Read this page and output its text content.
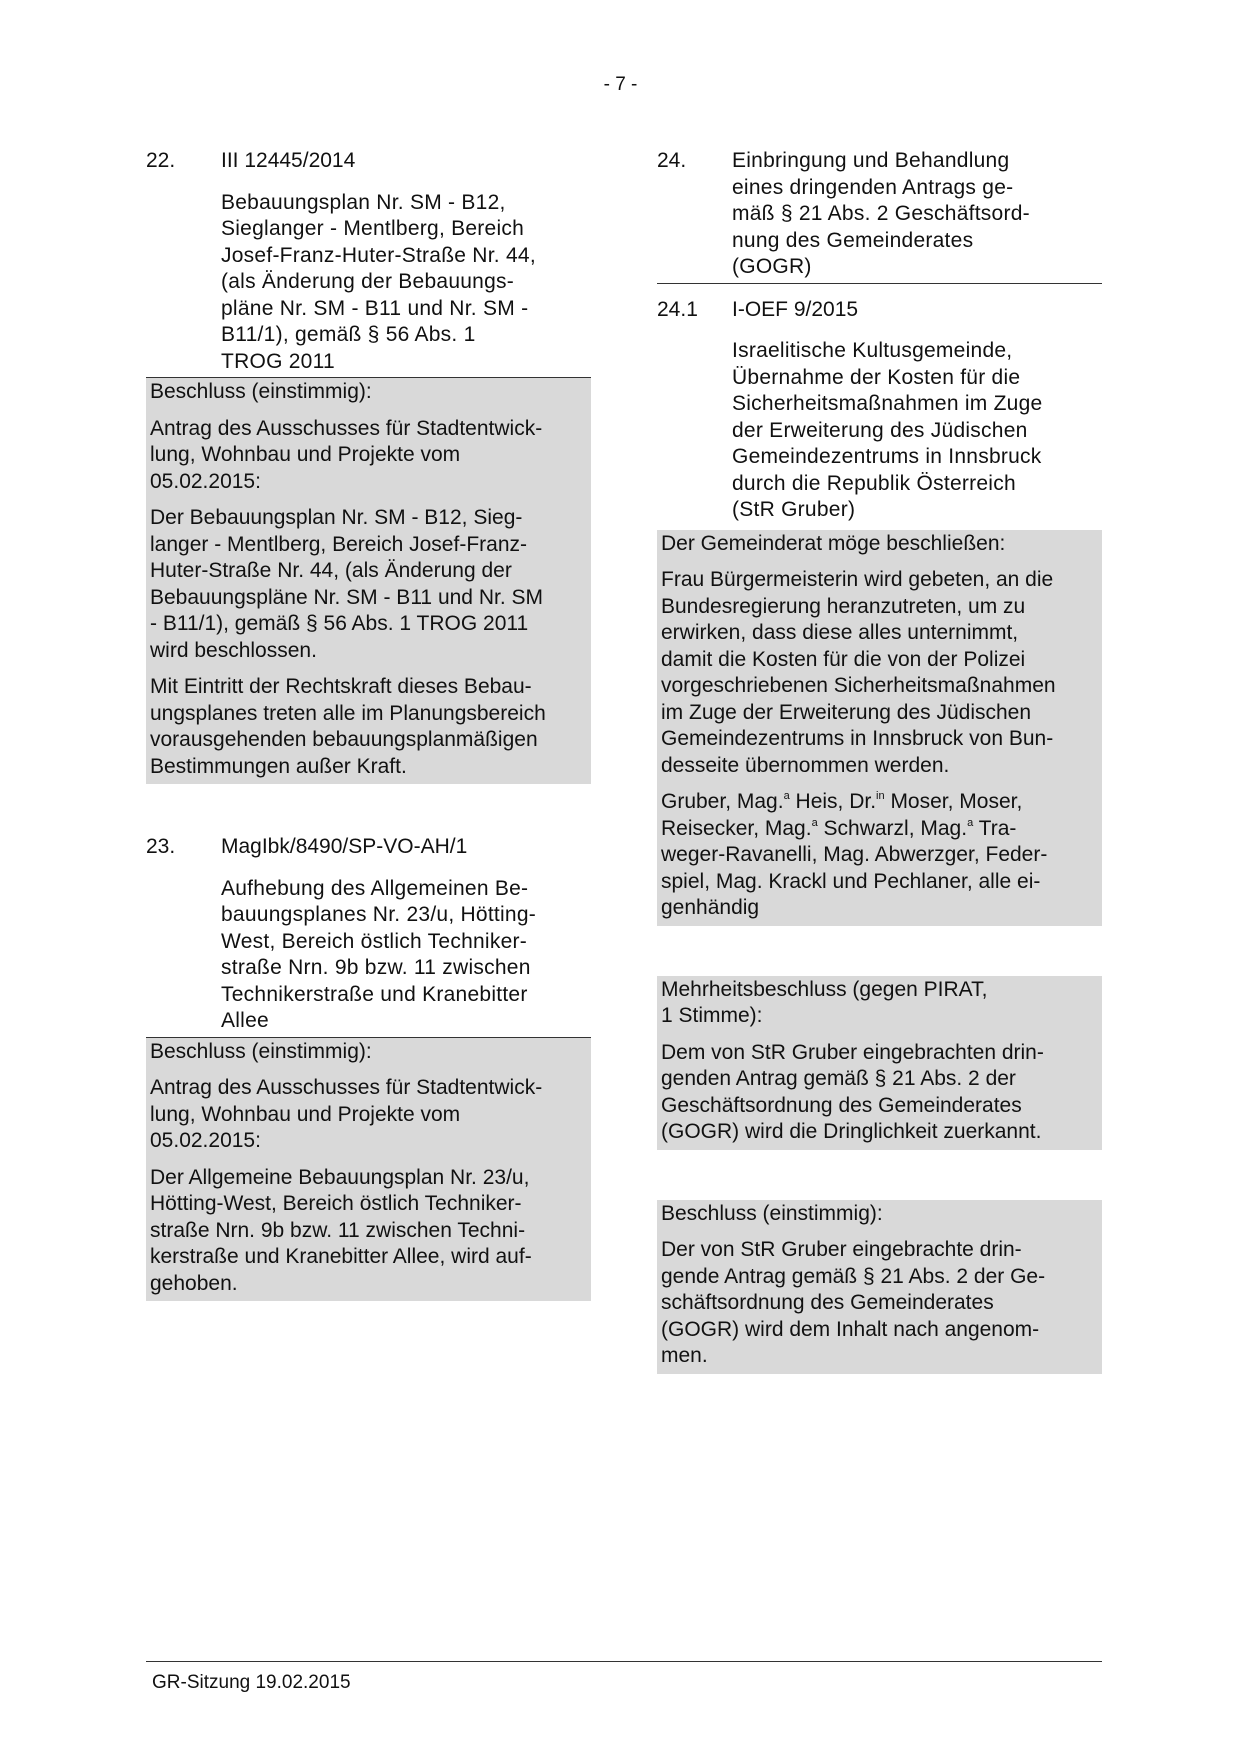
- 7 -
22.	III 12445/2014

Bebauungsplan Nr. SM - B12,

Sieglanger - Mentlberg, Bereich

Josef-Franz-Huter-Straße Nr. 44,

(als Änderung der Bebauungs-

pläne Nr. SM - B11 und Nr. SM -

B11/1), gemäß § 56 Abs. 1

TROG 2011

Beschluss (einstimmig):

Antrag des Ausschusses für Stadtentwick-
lung, Wohnbau und Projekte vom
05.02.2015:

Der Bebauungsplan Nr. SM - B12, Sieg-
langer - Mentlberg, Bereich Josef-Franz-
Huter-Straße Nr. 44, (als Änderung der
Bebauungspläne Nr. SM - B11 und Nr. SM
- B11/1), gemäß § 56 Abs. 1 TROG 2011
wird beschlossen.

Mit Eintritt der Rechtskraft dieses Bebau-
ungsplanes treten alle im Planungsbereich
vorausgehenden bebauungsplanmäßigen
Bestimmungen außer Kraft.

23.	MagIbk/8490/SP-VO-AH/1

Aufhebung des Allgemeinen Be-

bauungsplanes Nr. 23/u, Hötting-

West, Bereich östlich Techniker-

straße Nrn. 9b bzw. 11 zwischen

Technikerstraße und Kranebitter

Allee

Beschluss (einstimmig):

Antrag des Ausschusses für Stadtentwick-
lung, Wohnbau und Projekte vom
05.02.2015:

Der Allgemeine Bebauungsplan Nr. 23/u,
Hötting-West, Bereich östlich Techniker-
straße Nrn. 9b bzw. 11 zwischen Techni-
kerstraße und Kranebitter Allee, wird auf-
gehoben.

24.	Einbringung und Behandlung

eines dringenden Antrags ge-

mäß § 21 Abs. 2 Geschäftsord-

nung des Gemeinderates

(GOGR)

24.1	I-OEF 9/2015

Israelitische Kultusgemeinde,

Übernahme der Kosten für die

Sicherheitsmaßnahmen im Zuge

der Erweiterung des Jüdischen

Gemeindezentrums in Innsbruck

durch die Republik Österreich

(StR Gruber)

Der Gemeinderat möge beschließen:

Frau Bürgermeisterin wird gebeten, an die
Bundesregierung heranzutreten, um zu
erwirken, dass diese alles unternimmt,
damit die Kosten für die von der Polizei
vorgeschriebenen Sicherheitsmaßnahmen
im Zuge der Erweiterung des Jüdischen
Gemeindezentrums in Innsbruck von Bun-
desseite übernommen werden.

Gruber, Mag.$^a$ Heis, Dr.$^{in}$ Moser, Moser,
Reisecker, Mag.$^a$ Schwarzl, Mag.$^a$ Tra-
weger-Ravanelli, Mag. Abwerzger, Feder-
spiel, Mag. Krackl und Pechlaner, alle ei-
genhändig

Mehrheitsbeschluss (gegen PIRAT,
1 Stimme):

Dem von StR Gruber eingebrachten drin-
genden Antrag gemäß § 21 Abs. 2 der
Geschäftsordnung des Gemeinderates
(GOGR) wird die Dringlichkeit zuerkannt.

Beschluss (einstimmig):

Der von StR Gruber eingebrachte drin-
gende Antrag gemäß § 21 Abs. 2 der Ge-
schäftsordnung des Gemeinderates
(GOGR) wird dem Inhalt nach angenom-
men.

GR-Sitzung 19.02.2015
